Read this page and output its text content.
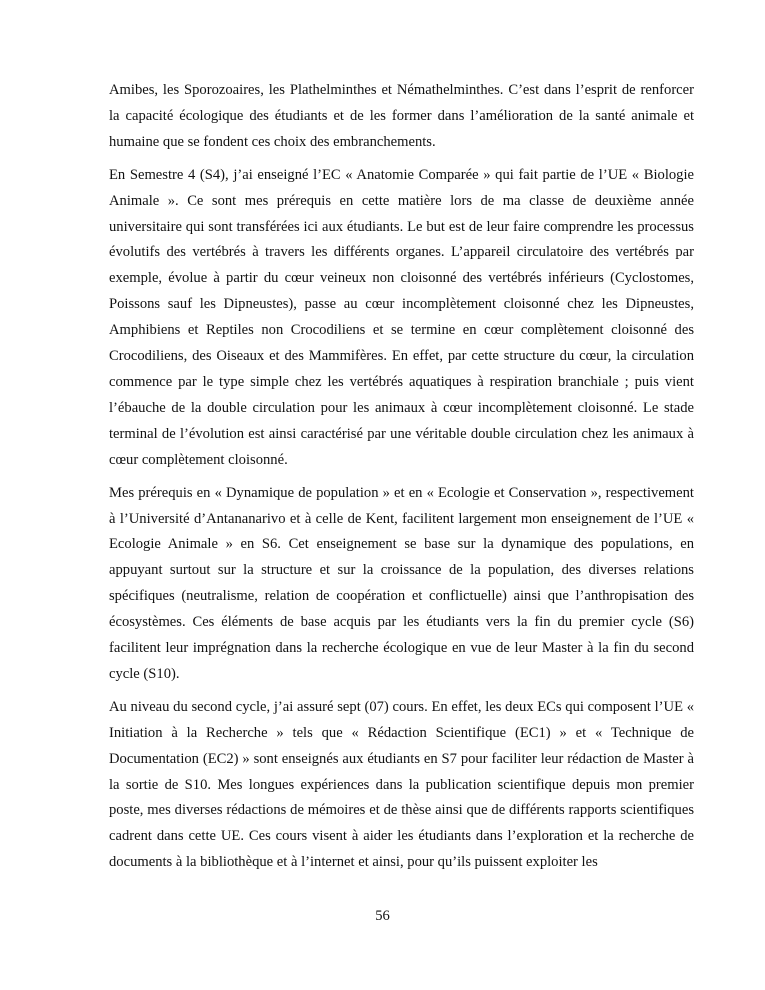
Amibes, les Sporozoaires, les Plathelminthes et Némathelminthes. C’est dans l’esprit de renforcer la capacité écologique des étudiants et de les former dans l’amélioration de la santé animale et humaine que se fondent ces choix des embranchements.

En Semestre 4 (S4), j’ai enseigné l’EC « Anatomie Comparée » qui fait partie de l’UE « Biologie Animale ». Ce sont mes prérequis en cette matière lors de ma classe de deuxième année universitaire qui sont transférées ici aux étudiants. Le but est de leur faire comprendre les processus évolutifs des vertébrés à travers les différents organes. L’appareil circulatoire des vertébrés par exemple, évolue à partir du cœur veineux non cloisonné des vertébrés inférieurs (Cyclostomes, Poissons sauf les Dipneustes), passe au cœur incomplètement cloisonné chez les Dipneustes, Amphibiens et Reptiles non Crocodiliens et se termine en cœur complètement cloisonné des Crocodiliens, des Oiseaux et des Mammifères. En effet, par cette structure du cœur, la circulation commence par le type simple chez les vertébrés aquatiques à respiration branchiale ; puis vient l’ébauche de la double circulation pour les animaux à cœur incomplètement cloisonné. Le stade terminal de l’évolution est ainsi caractérisé par une véritable double circulation chez les animaux à cœur complètement cloisonné.

Mes prérequis en « Dynamique de population » et en « Ecologie et Conservation », respectivement à l’Université d’Antananarivo et à celle de Kent, facilitent largement mon enseignement de l’UE « Ecologie Animale » en S6. Cet enseignement se base sur la dynamique des populations, en appuyant surtout sur la structure et sur la croissance de la population, des diverses relations spécifiques (neutralisme, relation de coopération et conflictuelle) ainsi que l’anthropisation des écosystèmes. Ces éléments de base acquis par les étudiants vers la fin du premier cycle (S6) facilitent leur imprégnation dans la recherche écologique en vue de leur Master à la fin du second cycle (S10).

Au niveau du second cycle, j’ai assuré sept (07) cours. En effet, les deux ECs qui composent l’UE « Initiation à la Recherche » tels que « Rédaction Scientifique (EC1) » et « Technique de Documentation (EC2) » sont enseignés aux étudiants en S7 pour faciliter leur rédaction de Master à la sortie de S10. Mes longues expériences dans la publication scientifique depuis mon premier poste, mes diverses rédactions de mémoires et de thèse ainsi que de différents rapports scientifiques cadrent dans cette UE. Ces cours visent à aider les étudiants dans l’exploration et la recherche de documents à la bibliothèque et à l’internet et ainsi, pour qu’ils puissent exploiter les

56
